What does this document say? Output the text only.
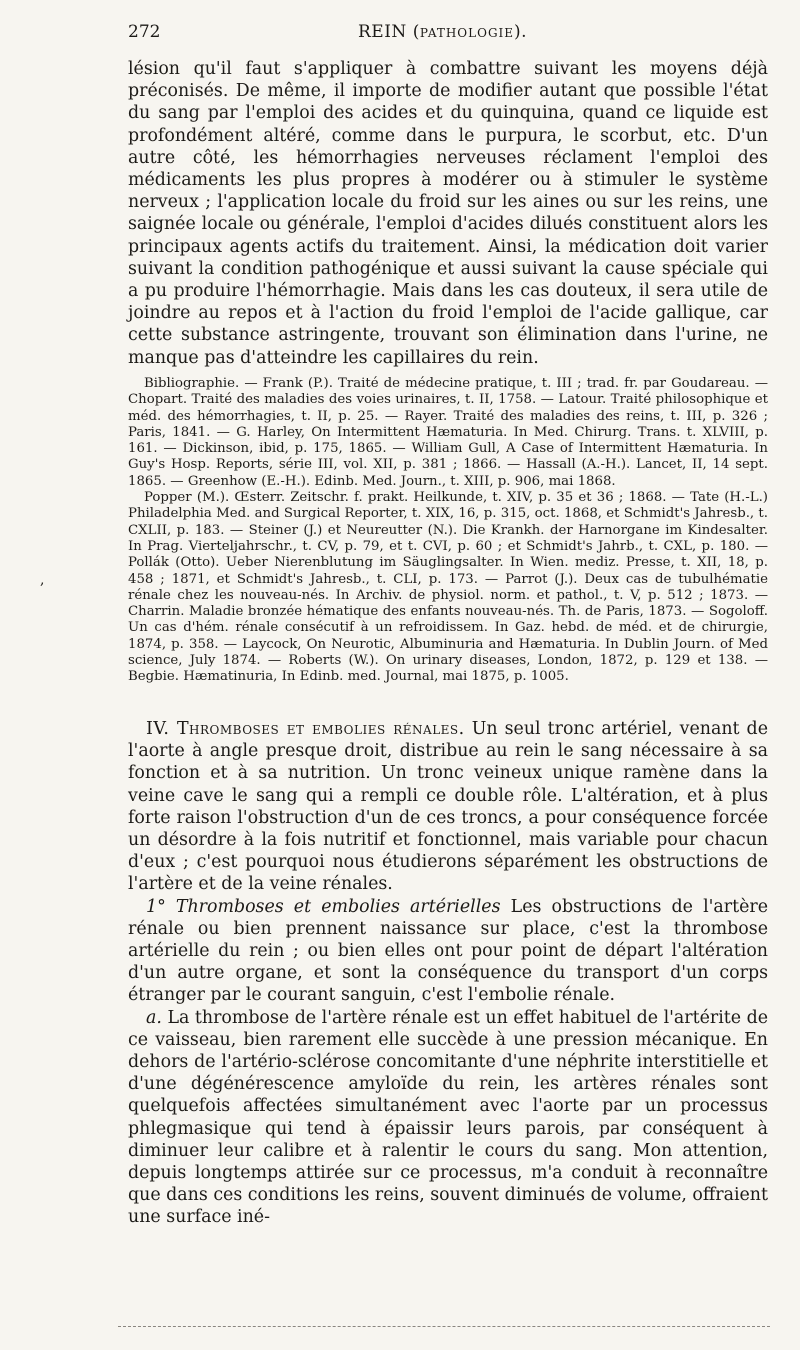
272	REIN (PATHOLOGIE).

lésion qu'il faut s'appliquer à combattre suivant les moyens déjà préconisés. De même, il importe de modifier autant que possible l'état du sang par l'emploi des acides et du quinquina, quand ce liquide est profondément altéré, comme dans le purpura, le scorbut, etc. D'un autre côté, les hémorrhagies nerveuses réclament l'emploi des médicaments les plus propres à modérer ou à stimuler le système nerveux ; l'application locale du froid sur les aines ou sur les reins, une saignée locale ou générale, l'emploi d'acides dilués constituent alors les principaux agents actifs du traitement. Ainsi, la médication doit varier suivant la condition pathogénique et aussi suivant la cause spéciale qui a pu produire l'hémorrhagie. Mais dans les cas douteux, il sera utile de joindre au repos et à l'action du froid l'emploi de l'acide gallique, car cette substance astringente, trouvant son élimination dans l'urine, ne manque pas d'atteindre les capillaires du rein.

Bibliographie. — Frank (P.). Traité de médecine pratique, t. III ; trad. fr. par Goudareau. — Chopart. Traité des maladies des voies urinaires, t. II, 1758. — Latour. Traité philosophique et méd. des hémorrhagies, t. II, p. 25. — Rayer. Traité des maladies des reins, t. III, p. 326 ; Paris, 1841. — G. Harley, On Intermittent Hæmaturia. In Med. Chirurg. Trans. t. XLVIII, p. 161. — Dickinson, ibid, p. 175, 1865. — William Gull, A Case of Intermittent Hæmaturia. In Guy's Hosp. Reports, série III, vol. XII, p. 381 ; 1866. — Hassall (A.-H.). Lancet, II, 14 sept. 1865. — Greenhow (E.-H.). Edinb. Med. Journ., t. XIII, p. 906, mai 1868.

Popper (M.). Œsterr. Zeitschr. f. prakt. Heilkunde, t. XIV, p. 35 et 36 ; 1868. — Tate (H.-L.) Philadelphia Med. and Surgical Reporter, t. XIX, 16, p. 315, oct. 1868, et Schmidt's Jahresb., t. CXLII, p. 183. — Steiner (J.) et Neureutter (N.). Die Krankh. der Harnorgane im Kindesalter. In Prag. Vierteljahrschr., t. CV, p. 79, et t. CVI, p. 60 ; et Schmidt's Jahrb., t. CXL, p. 180. — Pollák (Otto). Ueber Nierenblutung im Säuglingsalter. In Wien. mediz. Presse, t. XII, 18, p. 458 ; 1871, et Schmidt's Jahresb., t. CLI, p. 173. — Parrot (J.). Deux cas de tubulhématie rénale chez les nouveau-nés. In Archiv. de physiol. norm. et pathol., t. V, p. 512 ; 1873. — Charrin. Maladie bronzée hématique des enfants nouveau-nés. Th. de Paris, 1873. — Sogoloff. Un cas d'hém. rénale consécutif à un refroidissem. In Gaz. hebd. de méd. et de chirurgie, 1874, p. 358. — Laycock, On Neurotic, Albuminuria and Hæmaturia. In Dublin Journ. of Med science, July 1874. — Roberts (W.). On urinary diseases, London, 1872, p. 129 et 138. — Begbie. Hæmatinuria, In Edinb. med. Journal, mai 1875, p. 1005.

,

IV. Thromboses et embolies rénales. Un seul tronc artériel, venant de l'aorte à angle presque droit, distribue au rein le sang nécessaire à sa fonction et à sa nutrition. Un tronc veineux unique ramène dans la veine cave le sang qui a rempli ce double rôle. L'altération, et à plus forte raison l'obstruction d'un de ces troncs, a pour conséquence forcée un désordre à la fois nutritif et fonctionnel, mais variable pour chacun d'eux ; c'est pourquoi nous étudierons séparément les obstructions de l'artère et de la veine rénales.

1° Thromboses et embolies artérielles Les obstructions de l'artère rénale ou bien prennent naissance sur place, c'est la thrombose artérielle du rein ; ou bien elles ont pour point de départ l'altération d'un autre organe, et sont la conséquence du transport d'un corps étranger par le courant sanguin, c'est l'embolie rénale.

a. La thrombose de l'artère rénale est un effet habituel de l'artérite de ce vaisseau, bien rarement elle succède à une pression mécanique. En dehors de l'artério-sclérose concomitante d'une néphrite interstitielle et d'une dégénérescence amyloïde du rein, les artères rénales sont quelquefois affectées simultanément avec l'aorte par un processus phlegmasique qui tend à épaissir leurs parois, par conséquent à diminuer leur calibre et à ralentir le cours du sang. Mon attention, depuis longtemps attirée sur ce processus, m'a conduit à reconnaître que dans ces conditions les reins, souvent diminués de volume, offraient une surface iné-
